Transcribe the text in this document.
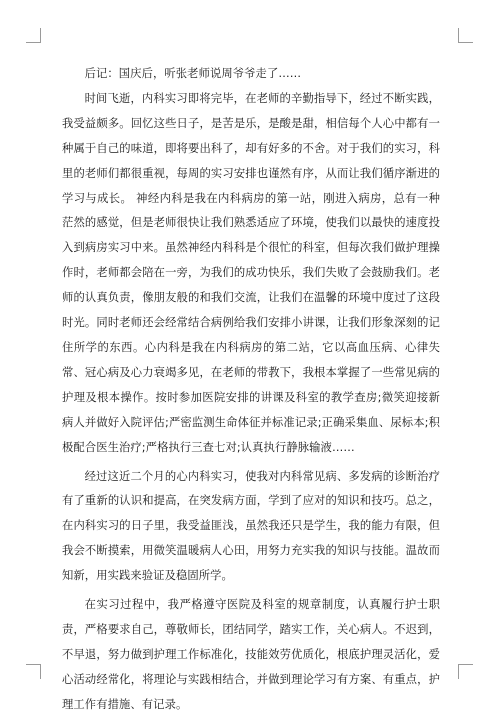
后记：国庆后，听张老师说周爷爷走了……

时间飞逝，内科实习即将完毕，在老师的辛勤指导下，经过不断实践，我受益颇多。回忆这些日子，是苦是乐，是酸是甜，相信每个人心中都有一种属于自己的味道，即将要出科了，却有好多的不舍。对于我们的实习，科里的老师们都很重视，每周的实习安排也谨然有序，从而让我们循序渐进的学习与成长。 神经内科是我在内科病房的第一站，刚进入病房，总有一种茫然的感觉，但是老师很快让我们熟悉适应了环境，使我们以最快的速度投入到病房实习中来。虽然神经内科科是个很忙的科室，但每次我们做护理操作时，老师都会陪在一旁，为我们的成功快乐，我们失败了会鼓励我们。老师的认真负责，像朋友般的和我们交流，让我们在温馨的环境中度过了这段时光。同时老师还会经常结合病例给我们安排小讲课，让我们形象深刻的记住所学的东西。心内科是我在内科病房的第二站，它以高血压病、心律失常、冠心病及心力衰竭多见，在老师的带教下，我根本掌握了一些常见病的护理及根本操作。按时参加医院安排的讲课及科室的教学查房;微笑迎接新病人并做好入院评估;严密监测生命体征并标准记录;正确采集血、尿标本;积极配合医生治疗;严格执行三查七对;认真执行静脉输液……

经过这近二个月的心内科实习，使我对内科常见病、多发病的诊断治疗有了重新的认识和提高，在突发病方面，学到了应对的知识和技巧。总之，在内科实习的日子里，我受益匪浅，虽然我还只是学生，我的能力有限，但我会不断摸索，用微笑温暖病人心田，用努力充实我的知识与技能。温故而知新，用实践来验证及稳固所学。

在实习过程中，我严格遵守医院及科室的规章制度，认真履行护士职责，严格要求自己，尊敬师长，团结同学，踏实工作，关心病人。不迟到，不早退，努力做到护理工作标准化，技能效劳优质化，根底护理灵活化，爱心活动经常化，将理论与实践相结合，并做到理论学习有方案、有重点，护理工作有措施、有记录。
